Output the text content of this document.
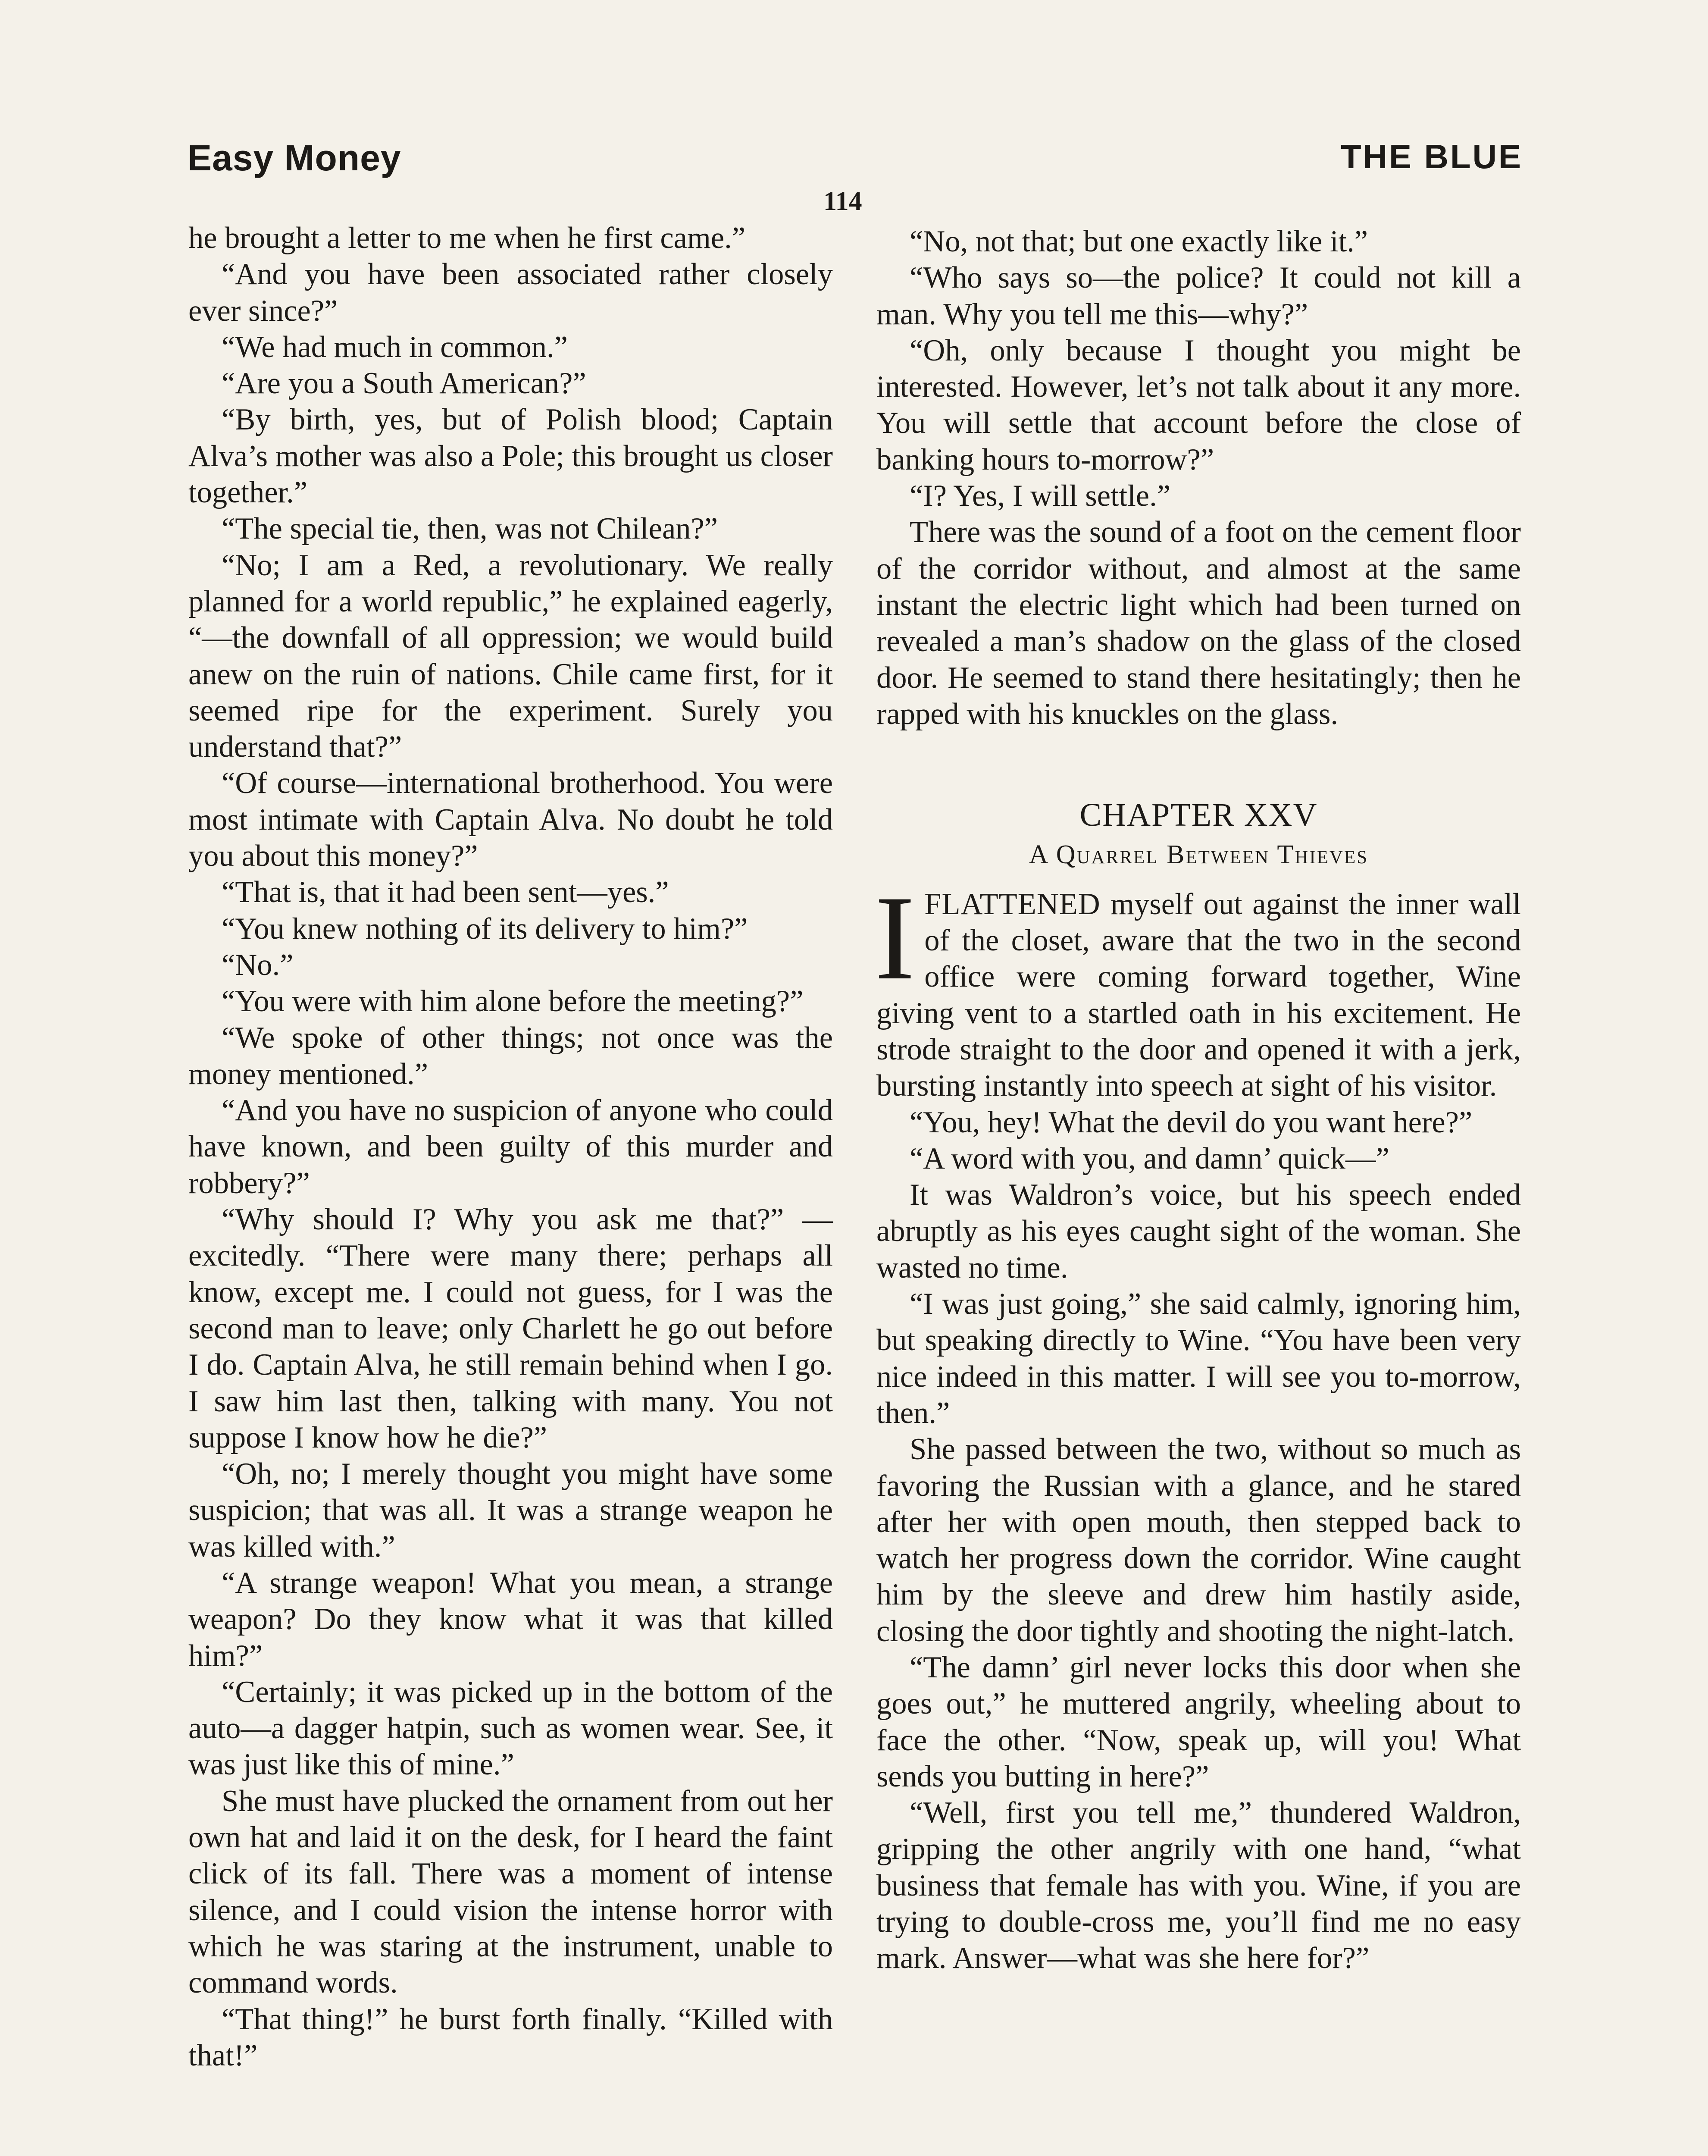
Easy Money	THE BLUE
114

he brought a letter to me when he first came.”

“And you have been associated rather closely ever since?”

“We had much in common.”

“Are you a South American?”

“By birth, yes, but of Polish blood; Captain Alva’s mother was also a Pole; this brought us closer together.”

“The special tie, then, was not Chilean?”

“No; I am a Red, a revolutionary. We really planned for a world republic,” he explained eagerly, “—the downfall of all oppression; we would build anew on the ruin of nations. Chile came first, for it seemed ripe for the experiment. Surely you understand that?”

“Of course—international brotherhood. You were most intimate with Captain Alva. No doubt he told you about this money?”

“That is, that it had been sent—yes.”

“You knew nothing of its delivery to him?”

“No.”

“You were with him alone before the meeting?”

“We spoke of other things; not once was the money mentioned.”

“And you have no suspicion of anyone who could have known, and been guilty of this murder and robbery?”

“Why should I? Why you ask me that?” —excitedly. “There were many there; perhaps all know, except me. I could not guess, for I was the second man to leave; only Charlett he go out before I do. Captain Alva, he still remain behind when I go. I saw him last then, talking with many. You not suppose I know how he die?”

“Oh, no; I merely thought you might have some suspicion; that was all. It was a strange weapon he was killed with.”

“A strange weapon! What you mean, a strange weapon? Do they know what it was that killed him?”

“Certainly; it was picked up in the bottom of the auto—a dagger hatpin, such as women wear. See, it was just like this of mine.”

She must have plucked the ornament from out her own hat and laid it on the desk, for I heard the faint click of its fall. There was a moment of intense silence, and I could vision the intense horror with which he was staring at the instrument, unable to command words.

“That thing!” he burst forth finally. “Killed with that!”

“No, not that; but one exactly like it.”

“Who says so—the police? It could not kill a man. Why you tell me this—why?”

“Oh, only because I thought you might be interested. However, let’s not talk about it any more. You will settle that account before the close of banking hours to-morrow?”

“I? Yes, I will settle.”

There was the sound of a foot on the cement floor of the corridor without, and almost at the same instant the electric light which had been turned on revealed a man’s shadow on the glass of the closed door. He seemed to stand there hesitatingly; then he rapped with his knuckles on the glass.

CHAPTER XXV
A Quarrel Between Thieves

IFLATTENED myself out against the inner wall of the closet, aware that the two in the second office were coming forward together, Wine giving vent to a startled oath in his excitement. He strode straight to the door and opened it with a jerk, bursting instantly into speech at sight of his visitor.

“You, hey! What the devil do you want here?”

“A word with you, and damn’ quick—”

It was Waldron’s voice, but his speech ended abruptly as his eyes caught sight of the woman. She wasted no time.

“I was just going,” she said calmly, ignoring him, but speaking directly to Wine. “You have been very nice indeed in this matter. I will see you to-morrow, then.”

She passed between the two, without so much as favoring the Russian with a glance, and he stared after her with open mouth, then stepped back to watch her progress down the corridor. Wine caught him by the sleeve and drew him hastily aside, closing the door tightly and shooting the night-latch.

“The damn’ girl never locks this door when she goes out,” he muttered angrily, wheeling about to face the other. “Now, speak up, will you! What sends you butting in here?”

“Well, first you tell me,” thundered Waldron, gripping the other angrily with one hand, “what business that female has with you. Wine, if you are trying to double-cross me, you’ll find me no easy mark. Answer—what was she here for?”
